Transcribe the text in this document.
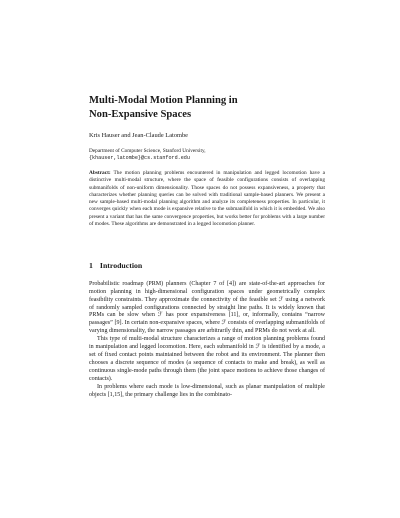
Multi-Modal Motion Planning in
Non-Expansive Spaces
Kris Hauser and Jean-Claude Latombe
Department of Computer Science, Stanford University,
{khauser,latombe}@cs.stanford.edu

Abstract: The motion planning problems encountered in manipulation and legged locomotion have a distinctive multi-modal structure, where the space of feasible configurations consists of overlapping submanifolds of non-uniform dimensionality. Those spaces do not possess expansiveness, a property that characterizes whether planning queries can be solved with traditional sample-based planners. We present a new sample-based multi-modal planning algorithm and analyze its completeness properties. In particular, it converges quickly when each mode is expansive relative to the submanifold in which it is embedded. We also present a variant that has the same convergence properties, but works better for problems with a large number of modes. These algorithms are demonstrated in a legged locomotion planner.

1 Introduction

Probabilistic roadmap (PRM) planners (Chapter 7 of [4]) are state-of-the-art approaches for motion planning in high-dimensional configuration spaces under geometrically complex feasibility constraints. They approximate the connectivity of the feasible set ℱ using a network of randomly sampled configurations connected by straight line paths. It is widely known that PRMs can be slow when ℱ has poor expansiveness [11], or, informally, contains “narrow passages” [9]. In certain non-expansive spaces, where ℱ consists of overlapping submanifolds of varying dimensionality, the narrow passages are arbitrarily thin, and PRMs do not work at all.

This type of multi-modal structure characterizes a range of motion planning problems found in manipulation and legged locomotion. Here, each submanifold in ℱ is identified by a mode, a set of fixed contact points maintained between the robot and its environment. The planner then chooses a discrete sequence of modes (a sequence of contacts to make and break), as well as continuous single-mode paths through them (the joint space motions to achieve those changes of contacts).

In problems where each mode is low-dimensional, such as planar manipulation of multiple objects [1,15], the primary challenge lies in the combinato-
